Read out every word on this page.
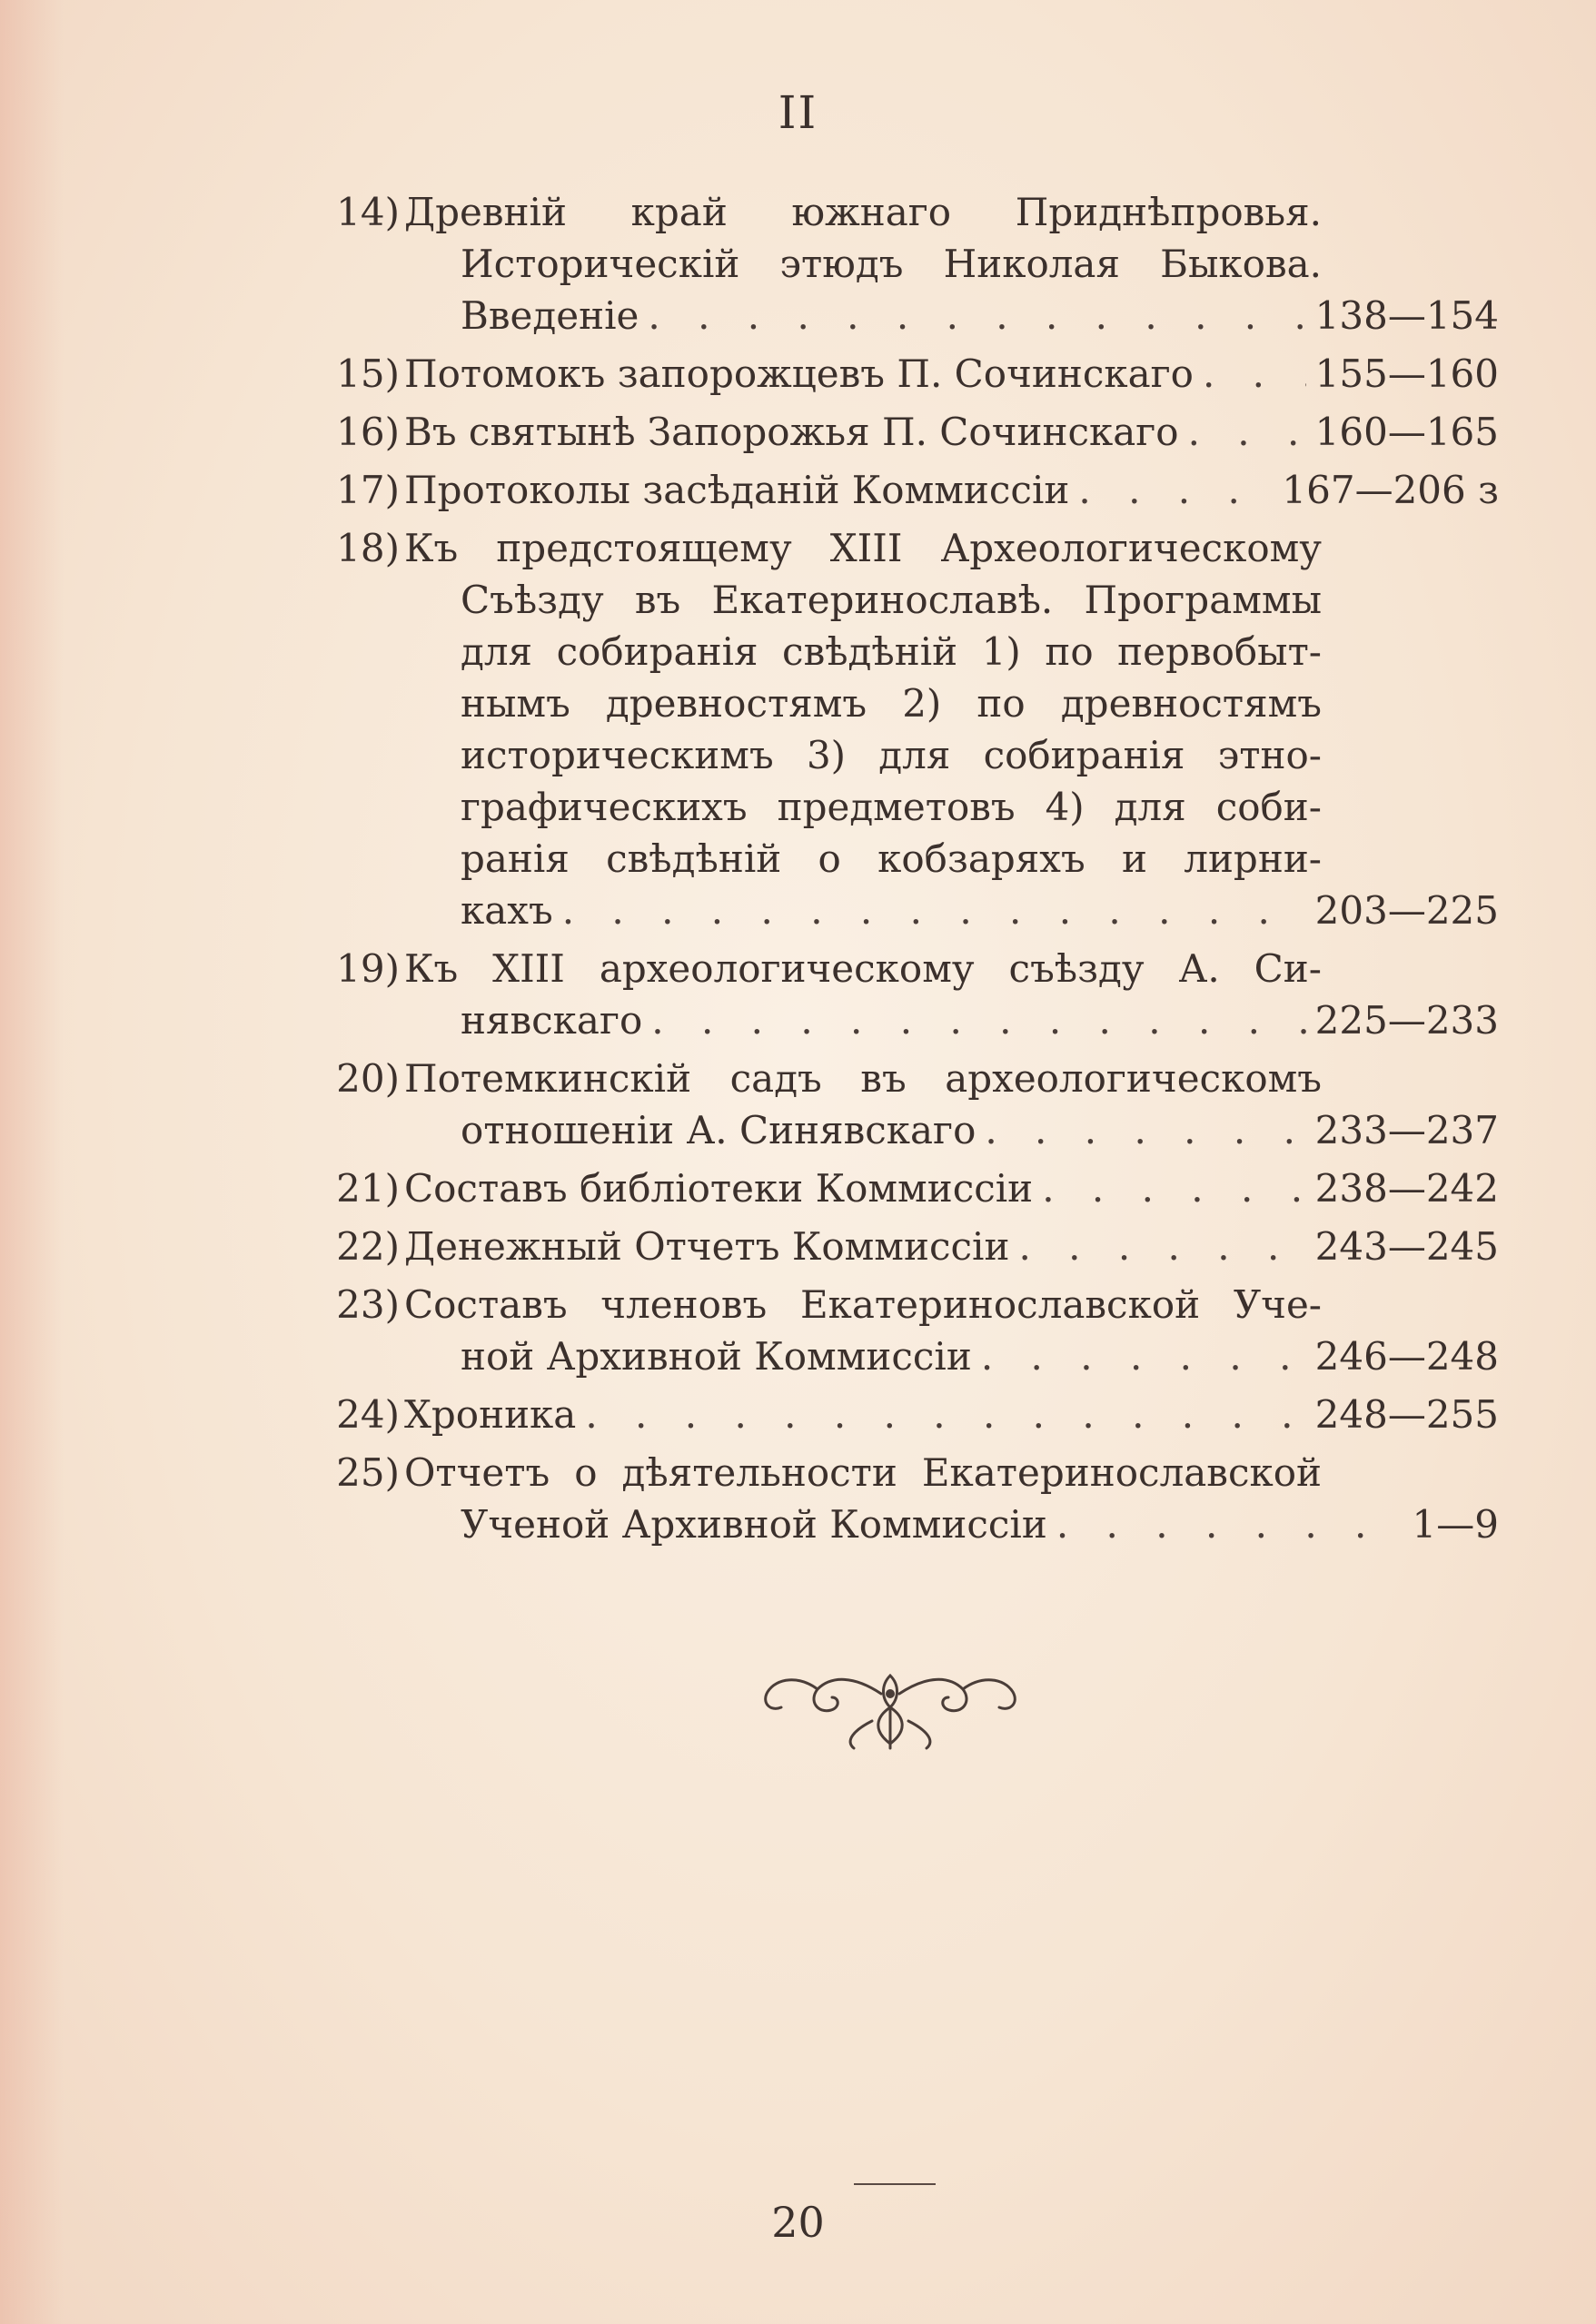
II
14) Древній край южнаго Приднѣпровья.
Историческій этюдъ Николая Быкова.
Введеніе . . .	138—154
15) Потомокъ запорожцевъ П. Сочинскаго . . .	155—160
16) Въ святынѣ Запорожья П. Сочинскаго . . .	160—165
17) Протоколы засѣданій Коммиссіи . . .	167—206 з
18) Къ предстоящему XIII Археологическому
Съѣзду въ Екатеринославѣ. Программы
для собиранія свѣдѣній 1) по первобыт-
нымъ древностямъ 2) по древностямъ
историческимъ 3) для собиранія этно-
графическихъ предметовъ 4) для соби-
ранія свѣдѣній о кобзаряхъ и лирни-
кахъ . . .	203—225
19) Къ XIII археологическому съѣзду А. Си-
нявскаго . . .	225—233
20) Потемкинскій садъ въ археологическомъ
отношеніи А. Синявскаго . . .	233—237
21) Составъ библіотеки Коммиссіи . . .	238—242
22) Денежный Отчетъ Коммиссіи . . .	243—245
23) Составъ членовъ Екатеринославской Уче-
ной Архивной Коммиссіи . . .	246—248
24) Хроника . . .	248—255
25) Отчетъ о дѣятельности Екатеринославской
Ученой Архивной Коммиссіи . . .	1—9
20
